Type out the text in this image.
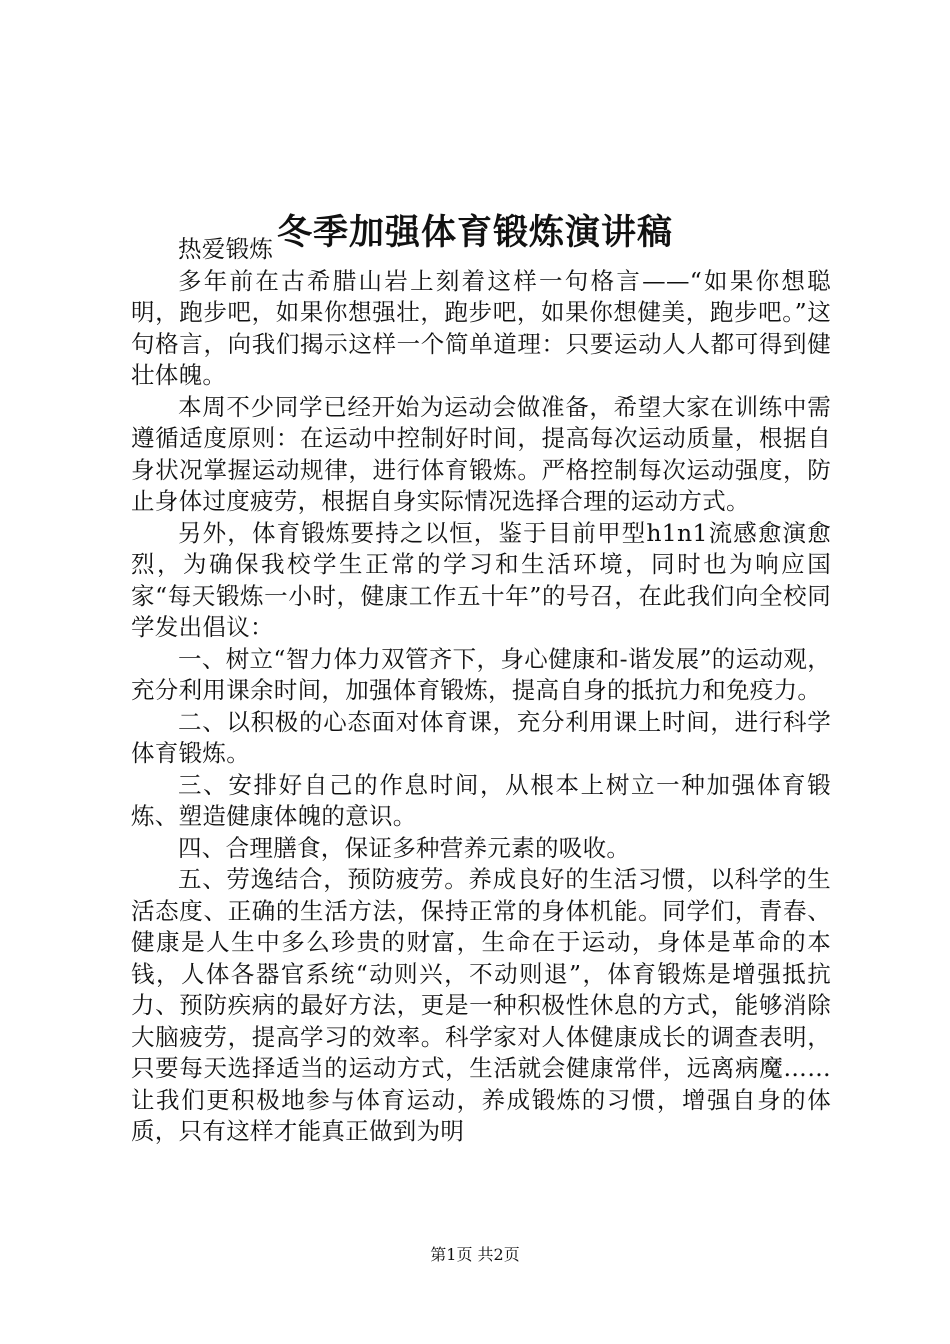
冬季加强体育锻炼演讲稿

热爱锻炼

多年前在古希腊山岩上刻着这样一句格言——“如果你想聪明，跑步吧，如果你想强壮，跑步吧，如果你想健美，跑步吧。”这句格言，向我们揭示这样一个简单道理：只要运动人人都可得到健壮体魄。

本周不少同学已经开始为运动会做准备，希望大家在训练中需遵循适度原则：在运动中控制好时间，提高每次运动质量，根据自身状况掌握运动规律，进行体育锻炼。严格控制每次运动强度，防止身体过度疲劳，根据自身实际情况选择合理的运动方式。

另外，体育锻炼要持之以恒，鉴于目前甲型h1n1流感愈演愈烈，为确保我校学生正常的学习和生活环境，同时也为响应国家“每天锻炼一小时，健康工作五十年”的号召，在此我们向全校同学发出倡议：

一、树立“智力体力双管齐下，身心健康和-谐发展”的运动观，充分利用课余时间，加强体育锻炼，提高自身的抵抗力和免疫力。

二、以积极的心态面对体育课，充分利用课上时间，进行科学体育锻炼。

三、安排好自己的作息时间，从根本上树立一种加强体育锻炼、塑造健康体魄的意识。

四、合理膳食，保证多种营养元素的吸收。

五、劳逸结合，预防疲劳。养成良好的生活习惯，以科学的生活态度、正确的生活方法，保持正常的身体机能。同学们，青春、健康是人生中多么珍贵的财富，生命在于运动，身体是革命的本钱，人体各器官系统“动则兴，不动则退”，体育锻炼是增强抵抗力、预防疾病的最好方法，更是一种积极性休息的方式，能够消除大脑疲劳，提高学习的效率。科学家对人体健康成长的调查表明，只要每天选择适当的运动方式，生活就会健康常伴，远离病魔……让我们更积极地参与体育运动，养成锻炼的习惯，增强自身的体质，只有这样才能真正做到为明

第1页 共2页
